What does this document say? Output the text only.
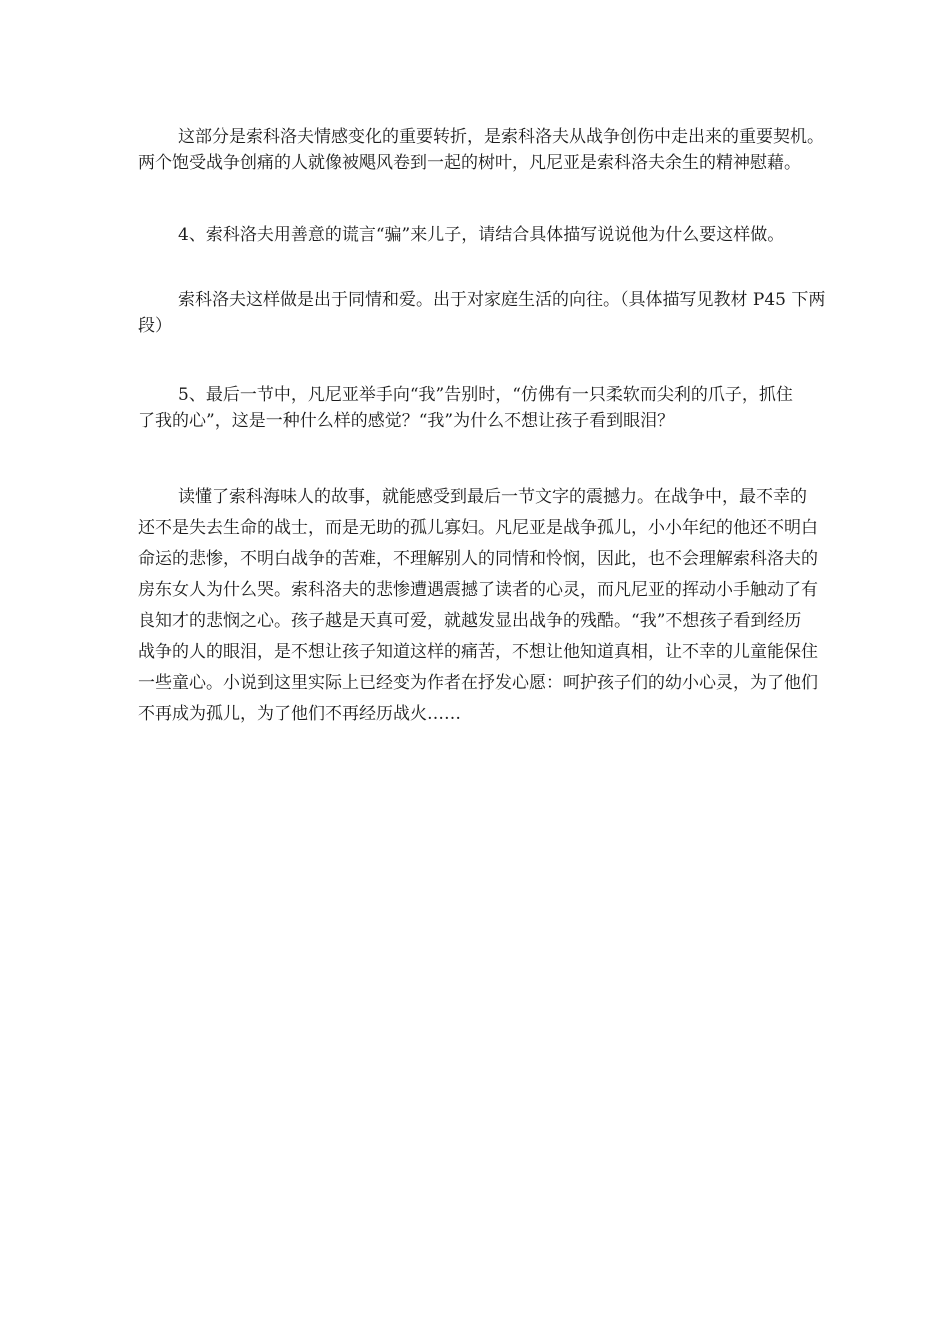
这部分是索科洛夫情感变化的重要转折，是索科洛夫从战争创伤中走出来的重要契机。
两个饱受战争创痛的人就像被飓风卷到一起的树叶，凡尼亚是索科洛夫余生的精神慰藉。
4、索科洛夫用善意的谎言“骗”来儿子，请结合具体描写说说他为什么要这样做。
索科洛夫这样做是出于同情和爱。出于对家庭生活的向往。（具体描写见教材 P45 下两
段）
5、最后一节中，凡尼亚举手向“我”告别时，“仿佛有一只柔软而尖利的爪子，抓住
了我的心”，这是一种什么样的感觉？“我”为什么不想让孩子看到眼泪？
读懂了索科海味人的故事，就能感受到最后一节文字的震撼力。在战争中，最不幸的
还不是失去生命的战士，而是无助的孤儿寡妇。凡尼亚是战争孤儿，小小年纪的他还不明白
命运的悲惨，不明白战争的苦难，不理解别人的同情和怜悯，因此，也不会理解索科洛夫的
房东女人为什么哭。索科洛夫的悲惨遭遇震撼了读者的心灵，而凡尼亚的挥动小手触动了有
良知才的悲悯之心。孩子越是天真可爱，就越发显出战争的残酷。“我”不想孩子看到经历
战争的人的眼泪，是不想让孩子知道这样的痛苦，不想让他知道真相，让不幸的儿童能保住
一些童心。小说到这里实际上已经变为作者在抒发心愿：呵护孩子们的幼小心灵，为了他们
不再成为孤儿，为了他们不再经历战火……
